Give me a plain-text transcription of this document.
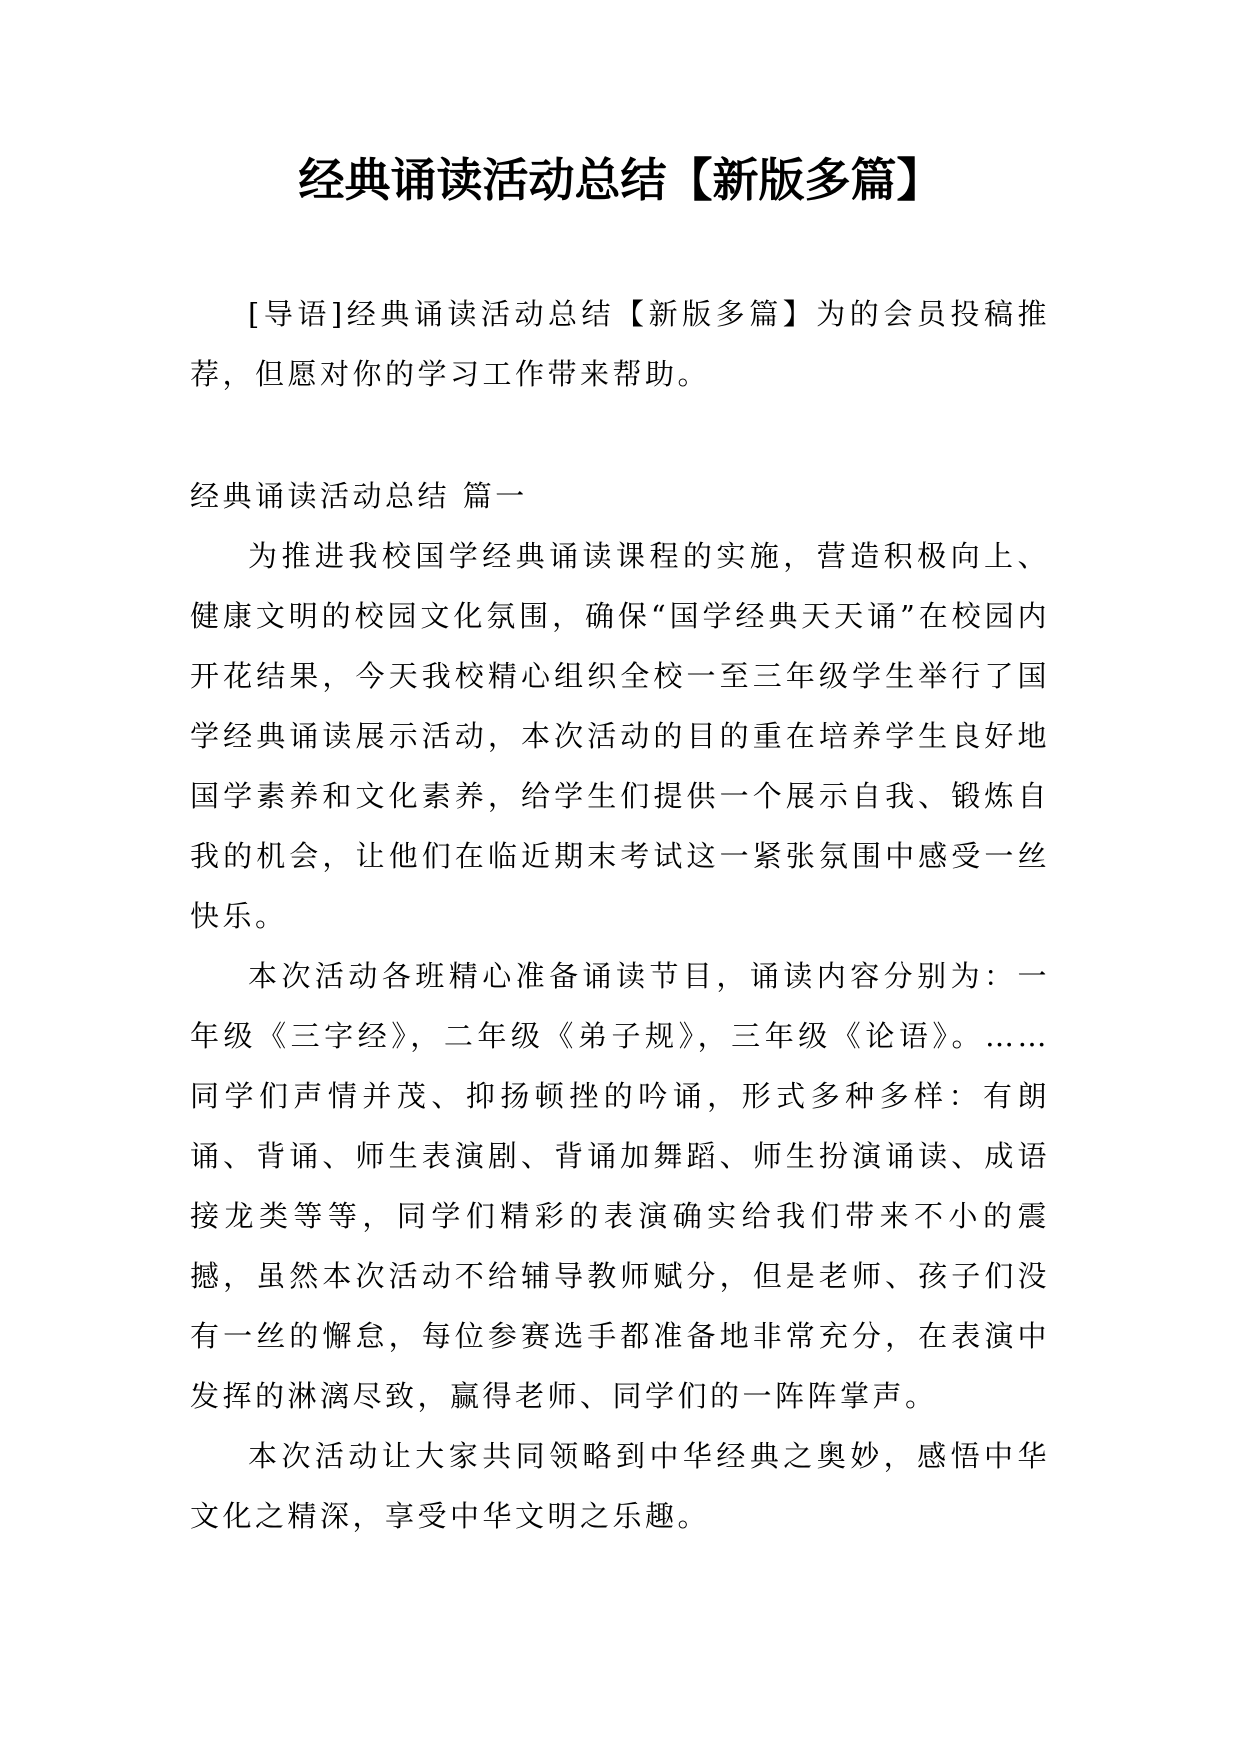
经典诵读活动总结【新版多篇】

[导语]经典诵读活动总结【新版多篇】为的会员投稿推荐，但愿对你的学习工作带来帮助。

经典诵读活动总结 篇一

为推进我校国学经典诵读课程的实施，营造积极向上、健康文明的校园文化氛围，确保“国学经典天天诵”在校园内开花结果，今天我校精心组织全校一至三年级学生举行了国学经典诵读展示活动，本次活动的目的重在培养学生良好地国学素养和文化素养，给学生们提供一个展示自我、锻炼自我的机会，让他们在临近期末考试这一紧张氛围中感受一丝快乐。

本次活动各班精心准备诵读节目，诵读内容分别为：一年级《三字经》，二年级《弟子规》，三年级《论语》。……同学们声情并茂、抑扬顿挫的吟诵，形式多种多样：有朗诵、背诵、师生表演剧、背诵加舞蹈、师生扮演诵读、成语接龙类等等，同学们精彩的表演确实给我们带来不小的震撼，虽然本次活动不给辅导教师赋分，但是老师、孩子们没有一丝的懈怠，每位参赛选手都准备地非常充分，在表演中发挥的淋漓尽致，赢得老师、同学们的一阵阵掌声。

本次活动让大家共同领略到中华经典之奥妙，感悟中华文化之精深，享受中华文明之乐趣。
